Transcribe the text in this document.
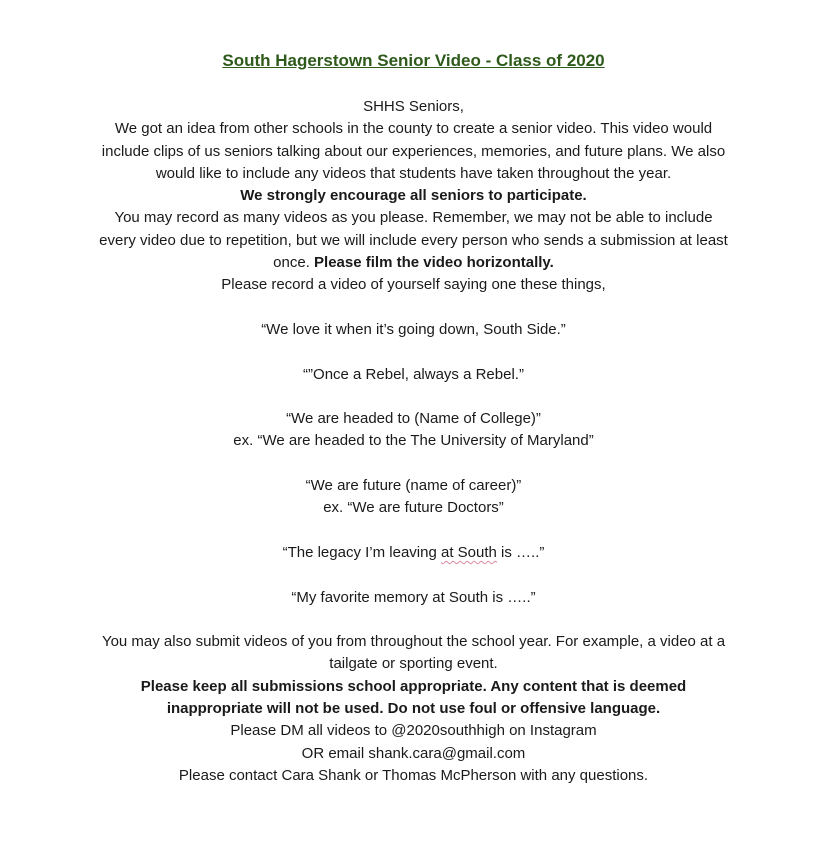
South Hagerstown Senior Video - Class of 2020
SHHS Seniors,
We got an idea from other schools in the county to create a senior video. This video would include clips of us seniors talking about our experiences, memories, and future plans. We also would like to include any videos that students have taken throughout the year.
We strongly encourage all seniors to participate.
You may record as many videos as you please. Remember, we may not be able to include every video due to repetition, but we will include every person who sends a submission at least once. Please film the video horizontally.
Please record a video of yourself saying one these things,
“We love it when it’s going down, South Side.”
“”Once a Rebel, always a Rebel.”
“We are headed to (Name of College)”
ex. “We are headed to the The University of Maryland”
“We are future (name of career)”
ex. “We are future Doctors”
“The legacy I’m leaving at South is …..”
“My favorite memory at South is …..”
You may also submit videos of you from throughout the school year. For example, a video at a tailgate or sporting event.
Please keep all submissions school appropriate. Any content that is deemed inappropriate will not be used. Do not use foul or offensive language.
Please DM all videos to @2020southhigh on Instagram
OR email shank.cara@gmail.com
Please contact Cara Shank or Thomas McPherson with any questions.
